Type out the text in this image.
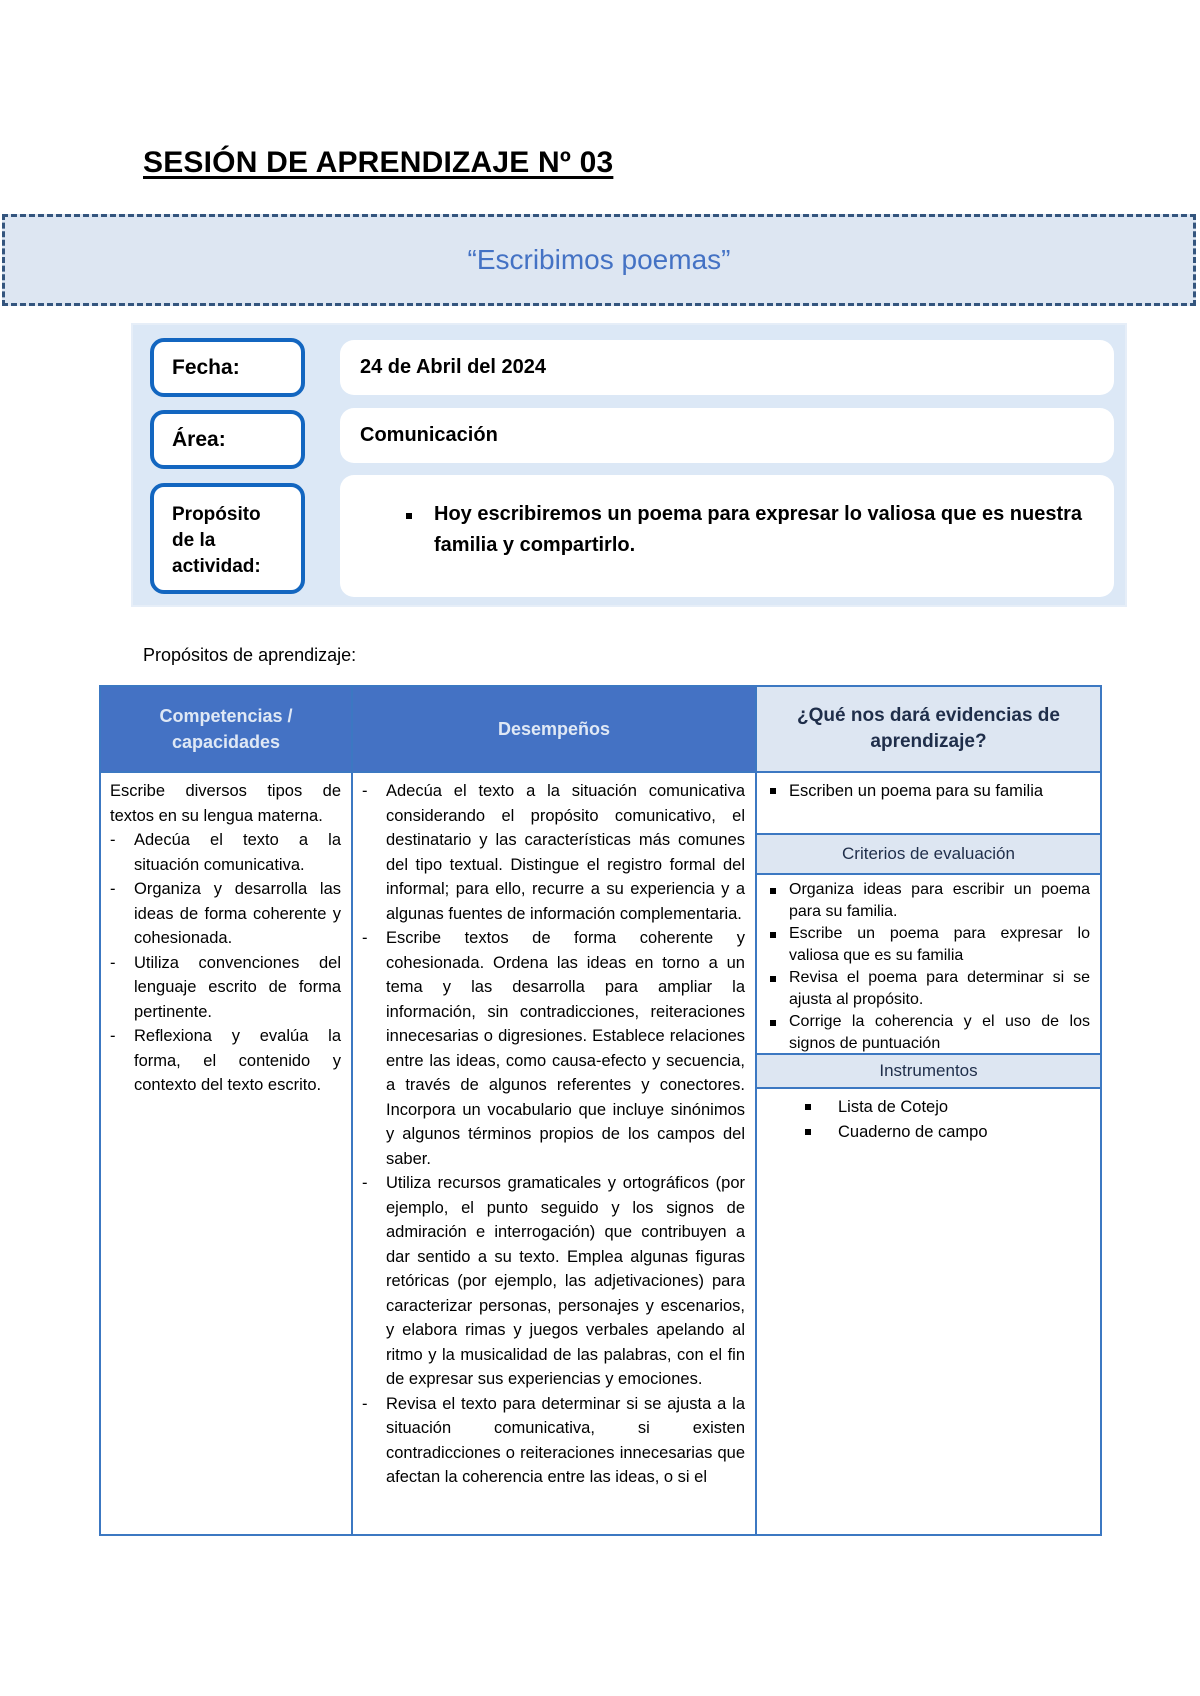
SESIÓN DE APRENDIZAJE Nº 03
“Escribimos poemas”
Fecha:	24 de Abril del 2024
Área:	Comunicación
Propósito
de la
actividad:
Hoy escribiremos un poema para expresar lo valiosa que es nuestra familia y compartirlo.
Propósitos de aprendizaje:
Competencias / capacidades
Escribe diversos tipos de textos en su lengua materna.
- Adecúa el texto a la situación comunicativa.
- Organiza y desarrolla las ideas de forma coherente y cohesionada.
- Utiliza convenciones del lenguaje escrito de forma pertinente.
- Reflexiona y evalúa la forma, el contenido y contexto del texto escrito.
Desempeños
- Adecúa el texto a la situación comunicativa considerando el propósito comunicativo, el destinatario y las características más comunes del tipo textual. Distingue el registro formal del informal; para ello, recurre a su experiencia y a algunas fuentes de información complementaria.
- Escribe textos de forma coherente y cohesionada. Ordena las ideas en torno a un tema y las desarrolla para ampliar la información, sin contradicciones, reiteraciones innecesarias o digresiones. Establece relaciones entre las ideas, como causa-efecto y secuencia, a través de algunos referentes y conectores. Incorpora un vocabulario que incluye sinónimos y algunos términos propios de los campos del saber.
- Utiliza recursos gramaticales y ortográficos (por ejemplo, el punto seguido y los signos de admiración e interrogación) que contribuyen a dar sentido a su texto. Emplea algunas figuras retóricas (por ejemplo, las adjetivaciones) para caracterizar personas, personajes y escenarios, y elabora rimas y juegos verbales apelando al ritmo y la musicalidad de las palabras, con el fin de expresar sus experiencias y emociones.
- Revisa el texto para determinar si se ajusta a la situación comunicativa, si existen contradicciones o reiteraciones innecesarias que afectan la coherencia entre las ideas, o si el
¿Qué nos dará evidencias de aprendizaje?
Escriben un poema para su familia
Criterios de evaluación
Organiza ideas para escribir un poema para su familia.
Escribe un poema para expresar lo valiosa que es su familia
Revisa el poema para determinar si se ajusta al propósito.
Corrige la coherencia y el uso de los signos de puntuación
Instrumentos
Lista de Cotejo
Cuaderno de campo
